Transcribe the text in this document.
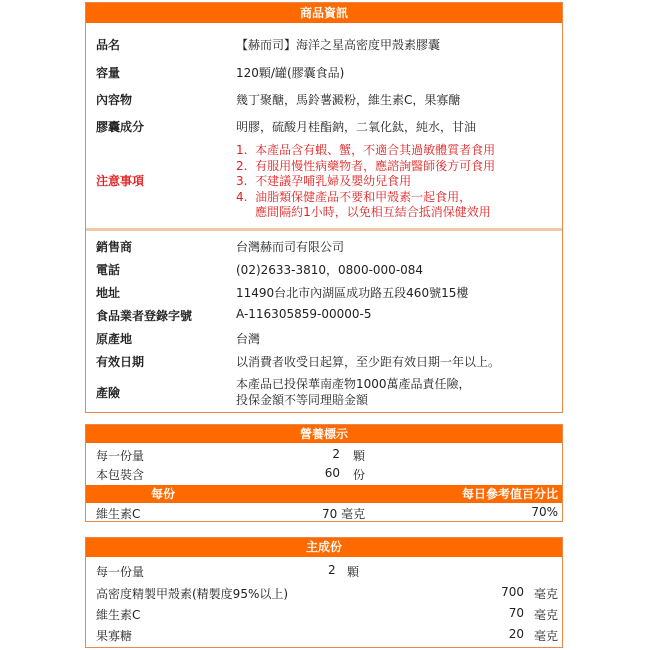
商品資訊
品名	【赫而司】海洋之星高密度甲殼素膠囊
容量	120顆/罐(膠囊食品)
內容物	幾丁聚醣，馬鈴薯澱粉，維生素C，果寡醣
膠囊成分	明膠，硫酸月桂酯鈉，二氧化鈦，純水，甘油
注意事項
1.  本產品含有蝦、蟹，不適合其過敏體質者食用
2.  有服用慢性病藥物者，應諮詢醫師後方可食用
3.  不建議孕哺乳婦及嬰幼兒食用
4.  油脂類保健產品不要和甲殼素一起食用，
應間隔約1小時，以免相互結合抵消保健效用
銷售商	台灣赫而司有限公司
電話	(02)2633-3810，0800-000-084
地址	11490台北市內湖區成功路五段460號15樓
食品業者登錄字號	A-116305859-00000-5
原產地	台灣
有效日期	以消費者收受日起算，至少距有效日期一年以上。
產險
本產品已投保華南產物1000萬產品責任險，
投保金額不等同理賠金額
營養標示
每一份量	2 顆
本包裝含	60 份
每份	每日參考值百分比
維生素C	70 毫克	70%
主成份
每一份量	2 顆
高密度精製甲殼素(精製度95%以上)	700 毫克
維生素C	70 毫克
果寡糖	20 毫克
